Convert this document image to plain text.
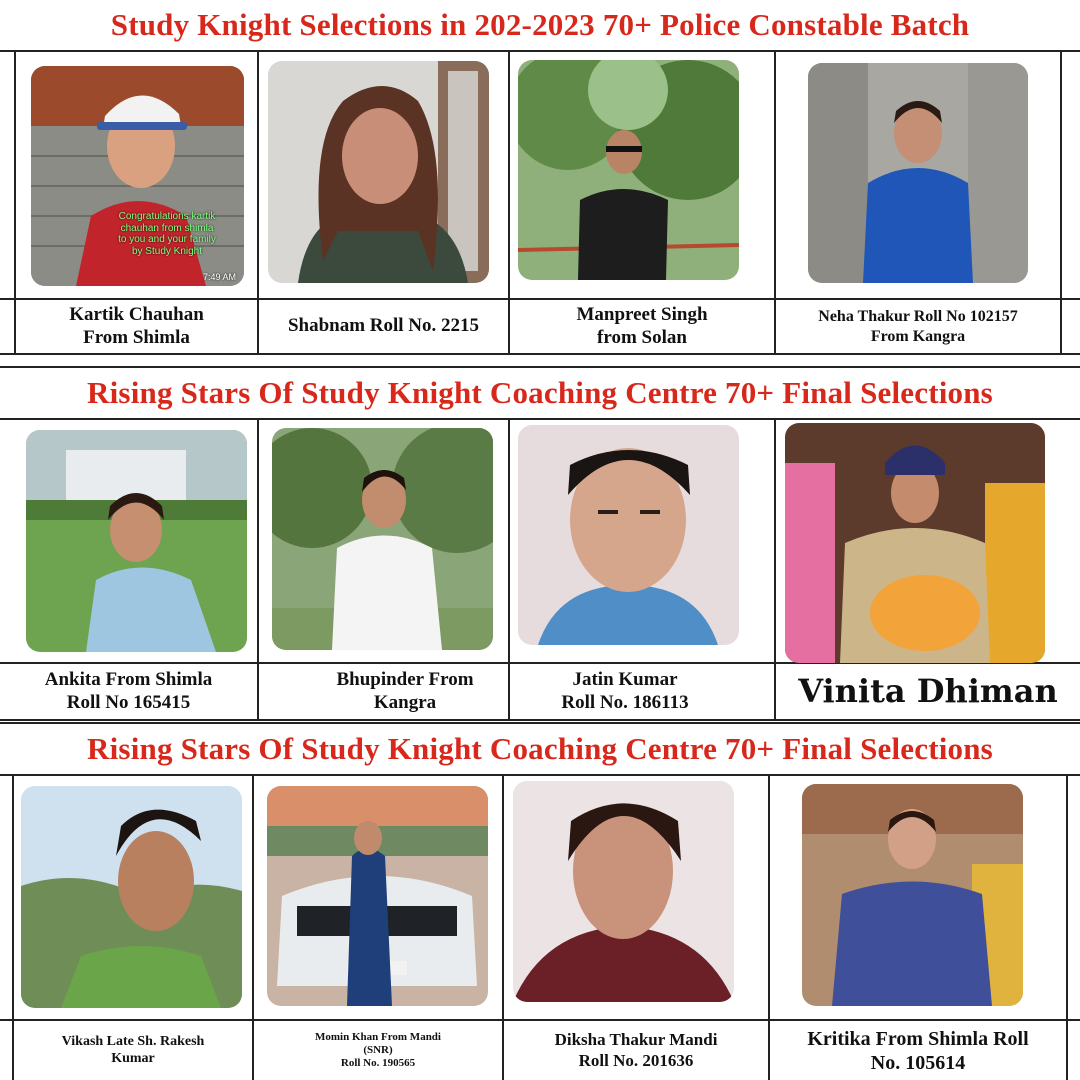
Study Knight Selections in 202-2023 70+ Police Constable Batch
Congratulations kartik chauhan from shimla to you and your family by Study Knight
7:49 AM
Kartik Chauhan
From Shimla
Shabnam Roll No. 2215
Manpreet Singh
from Solan
Neha Thakur Roll No 102157
From Kangra
Rising Stars Of Study Knight Coaching Centre 70+ Final Selections
Ankita From Shimla
Roll No 165415
Bhupinder From
Kangra
Jatin Kumar
Roll No. 186113	Vinita Dhiman
Rising Stars Of Study Knight Coaching Centre 70+ Final Selections
Vikash Late Sh. Rakesh
Kumar
Momin Khan From Mandi
(SNR)
Roll No. 190565
Diksha Thakur Mandi
Roll No. 201636
Kritika From Shimla Roll
No. 105614
